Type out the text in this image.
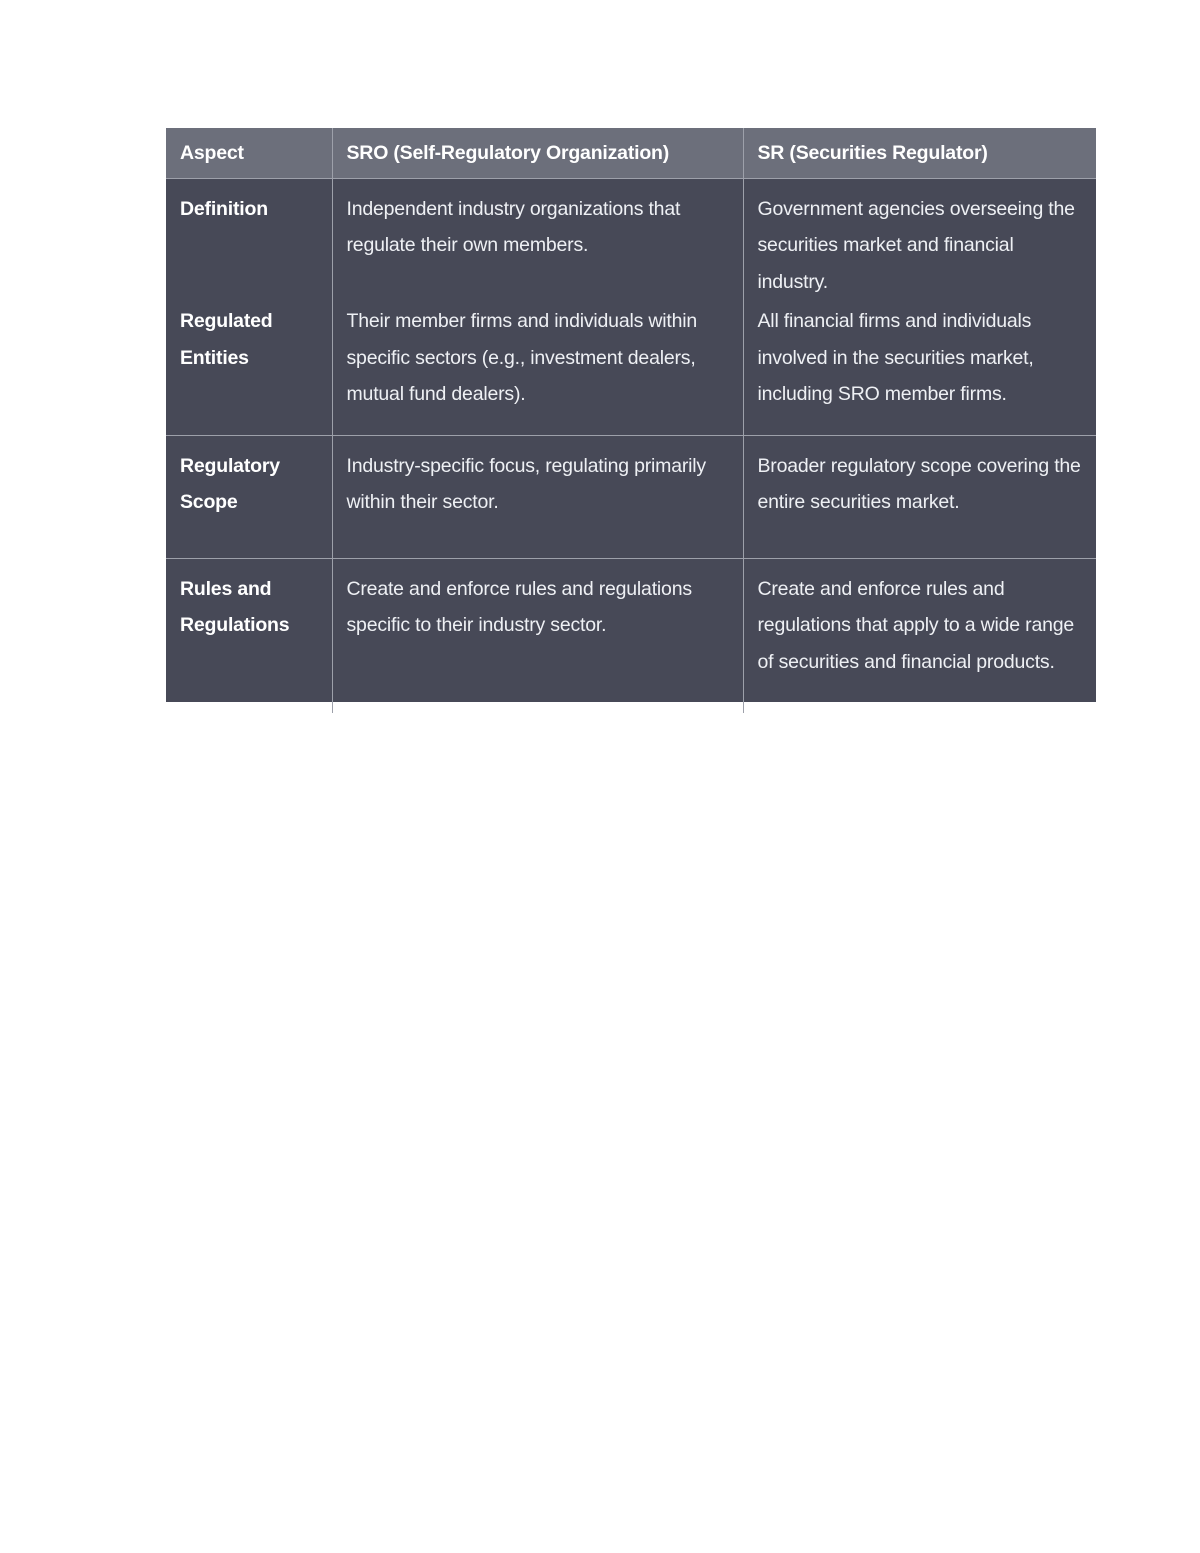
Aspect	SRO (Self-Regulatory Organization)	SR (Securities Regulator)
Definition	Independent industry organizations that regulate their own members.	Government agencies overseeing the securities market and financial industry.
Regulated Entities	Their member firms and individuals within specific sectors (e.g., investment dealers, mutual fund dealers).	All financial firms and individuals involved in the securities market, including SRO member firms.
Regulatory Scope	Industry-specific focus, regulating primarily within their sector.	Broader regulatory scope covering the entire securities market.
Rules and Regulations	Create and enforce rules and regulations specific to their industry sector.	Create and enforce rules and regulations that apply to a wide range of securities and financial products.
